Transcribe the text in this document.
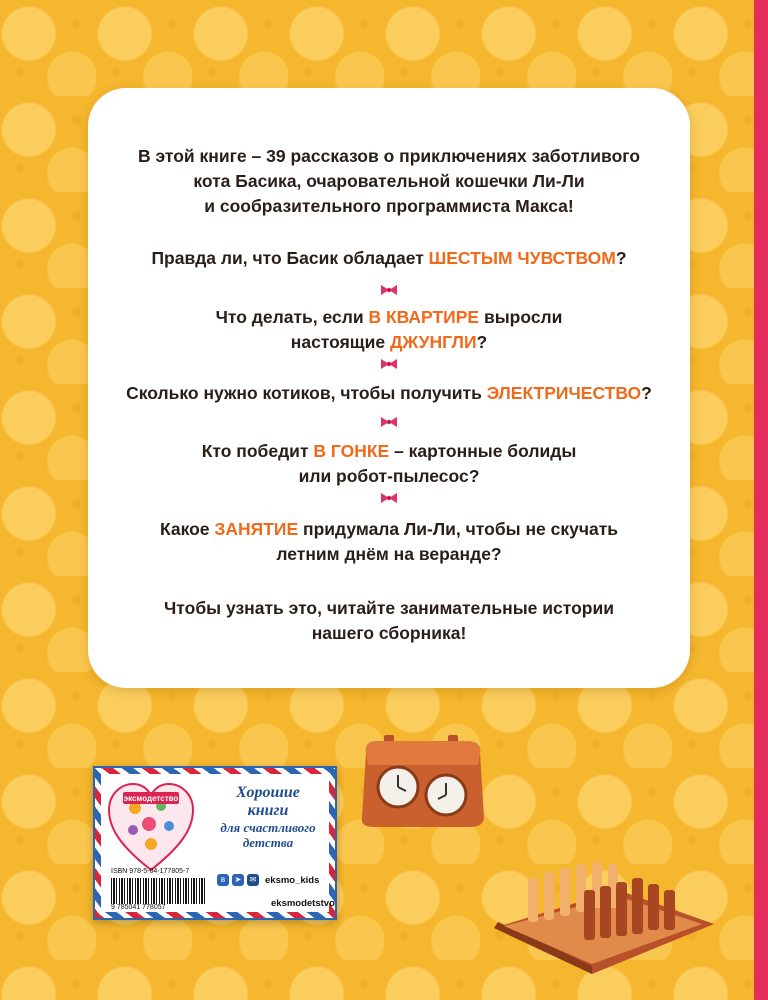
В этой книге – 39 рассказов о приключениях заботливого
кота Басика, очаровательной кошечки Ли-Ли
и сообразительного программиста Макса!

Правда ли, что Басик обладает ШЕСТЫМ ЧУВСТВОМ?

Что делать, если В КВАРТИРЕ выросли
настоящие ДЖУНГЛИ?

Сколько нужно котиков, чтобы получить ЭЛЕКТРИЧЕСТВО?

Кто победит В ГОНКЕ – картонные болиды
или робот-пылесос?

Какое ЗАНЯТИЕ придумала Ли-Ли, чтобы не скучать
летним днём на веранде?

Чтобы узнать это, читайте занимательные истории
нашего сборника!

эксмодетство	Хорошие
книги
для счастливого
детства
ISBN 978-5-04-177805-7
9 785041 778057
в	➤	✉ eksmo_kids
eksmodetstvo
